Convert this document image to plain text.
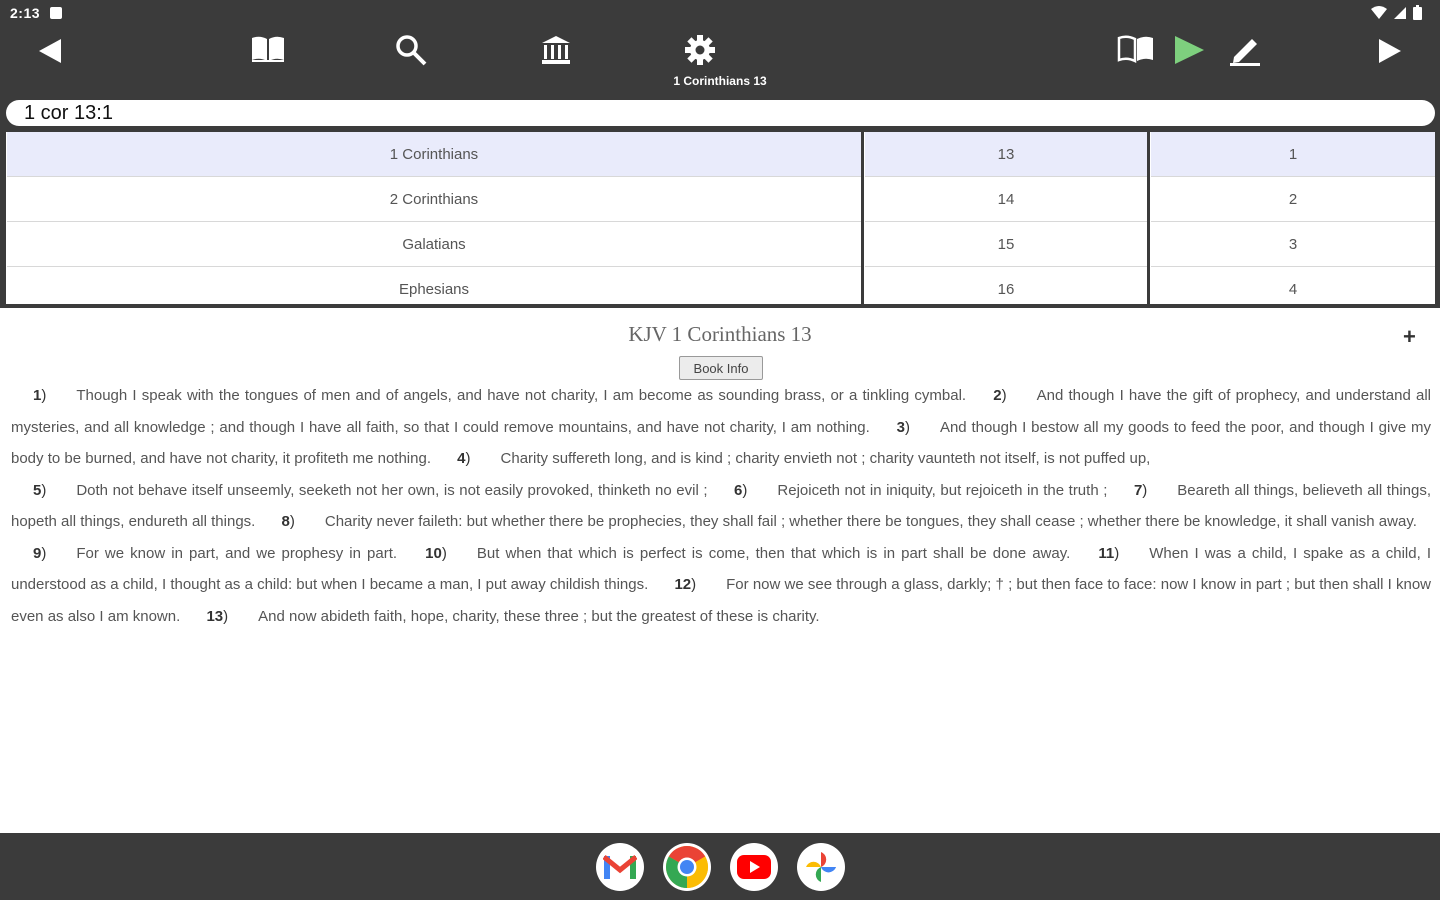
2:13
1 Corinthians 13
1 cor 13:1
1 Corinthians
2 Corinthians
Galatians
Ephesians
13
14
15
16
1
2
3
4
KJV 1 Corinthians 13	+
Book Info
1) Though I speak with the tongues of men and of angels, and have not charity, I am become as sounding brass, or a tinkling cymbal. 2) And though I have the gift of prophecy, and understand all mysteries, and all knowledge ; and though I have all faith, so that I could remove mountains, and have not charity, I am nothing. 3) And though I bestow all my goods to feed the poor, and though I give my body to be burned, and have not charity, it profiteth me nothing. 4) Charity suffereth long, and is kind ; charity envieth not ; charity vaunteth not itself, is not puffed up,
5) Doth not behave itself unseemly, seeketh not her own, is not easily provoked, thinketh no evil ; 6) Rejoiceth not in iniquity, but rejoiceth in the truth ; 7) Beareth all things, believeth all things, hopeth all things, endureth all things. 8) Charity never faileth: but whether there be prophecies, they shall fail ; whether there be tongues, they shall cease ; whether there be knowledge, it shall vanish away.
9) For we know in part, and we prophesy in part. 10) But when that which is perfect is come, then that which is in part shall be done away. 11) When I was a child, I spake as a child, I understood as a child, I thought as a child: but when I became a man, I put away childish things. 12) For now we see through a glass, darkly; † ; but then face to face: now I know in part ; but then shall I know even as also I am known. 13) And now abideth faith, hope, charity, these three ; but the greatest of these is charity.
